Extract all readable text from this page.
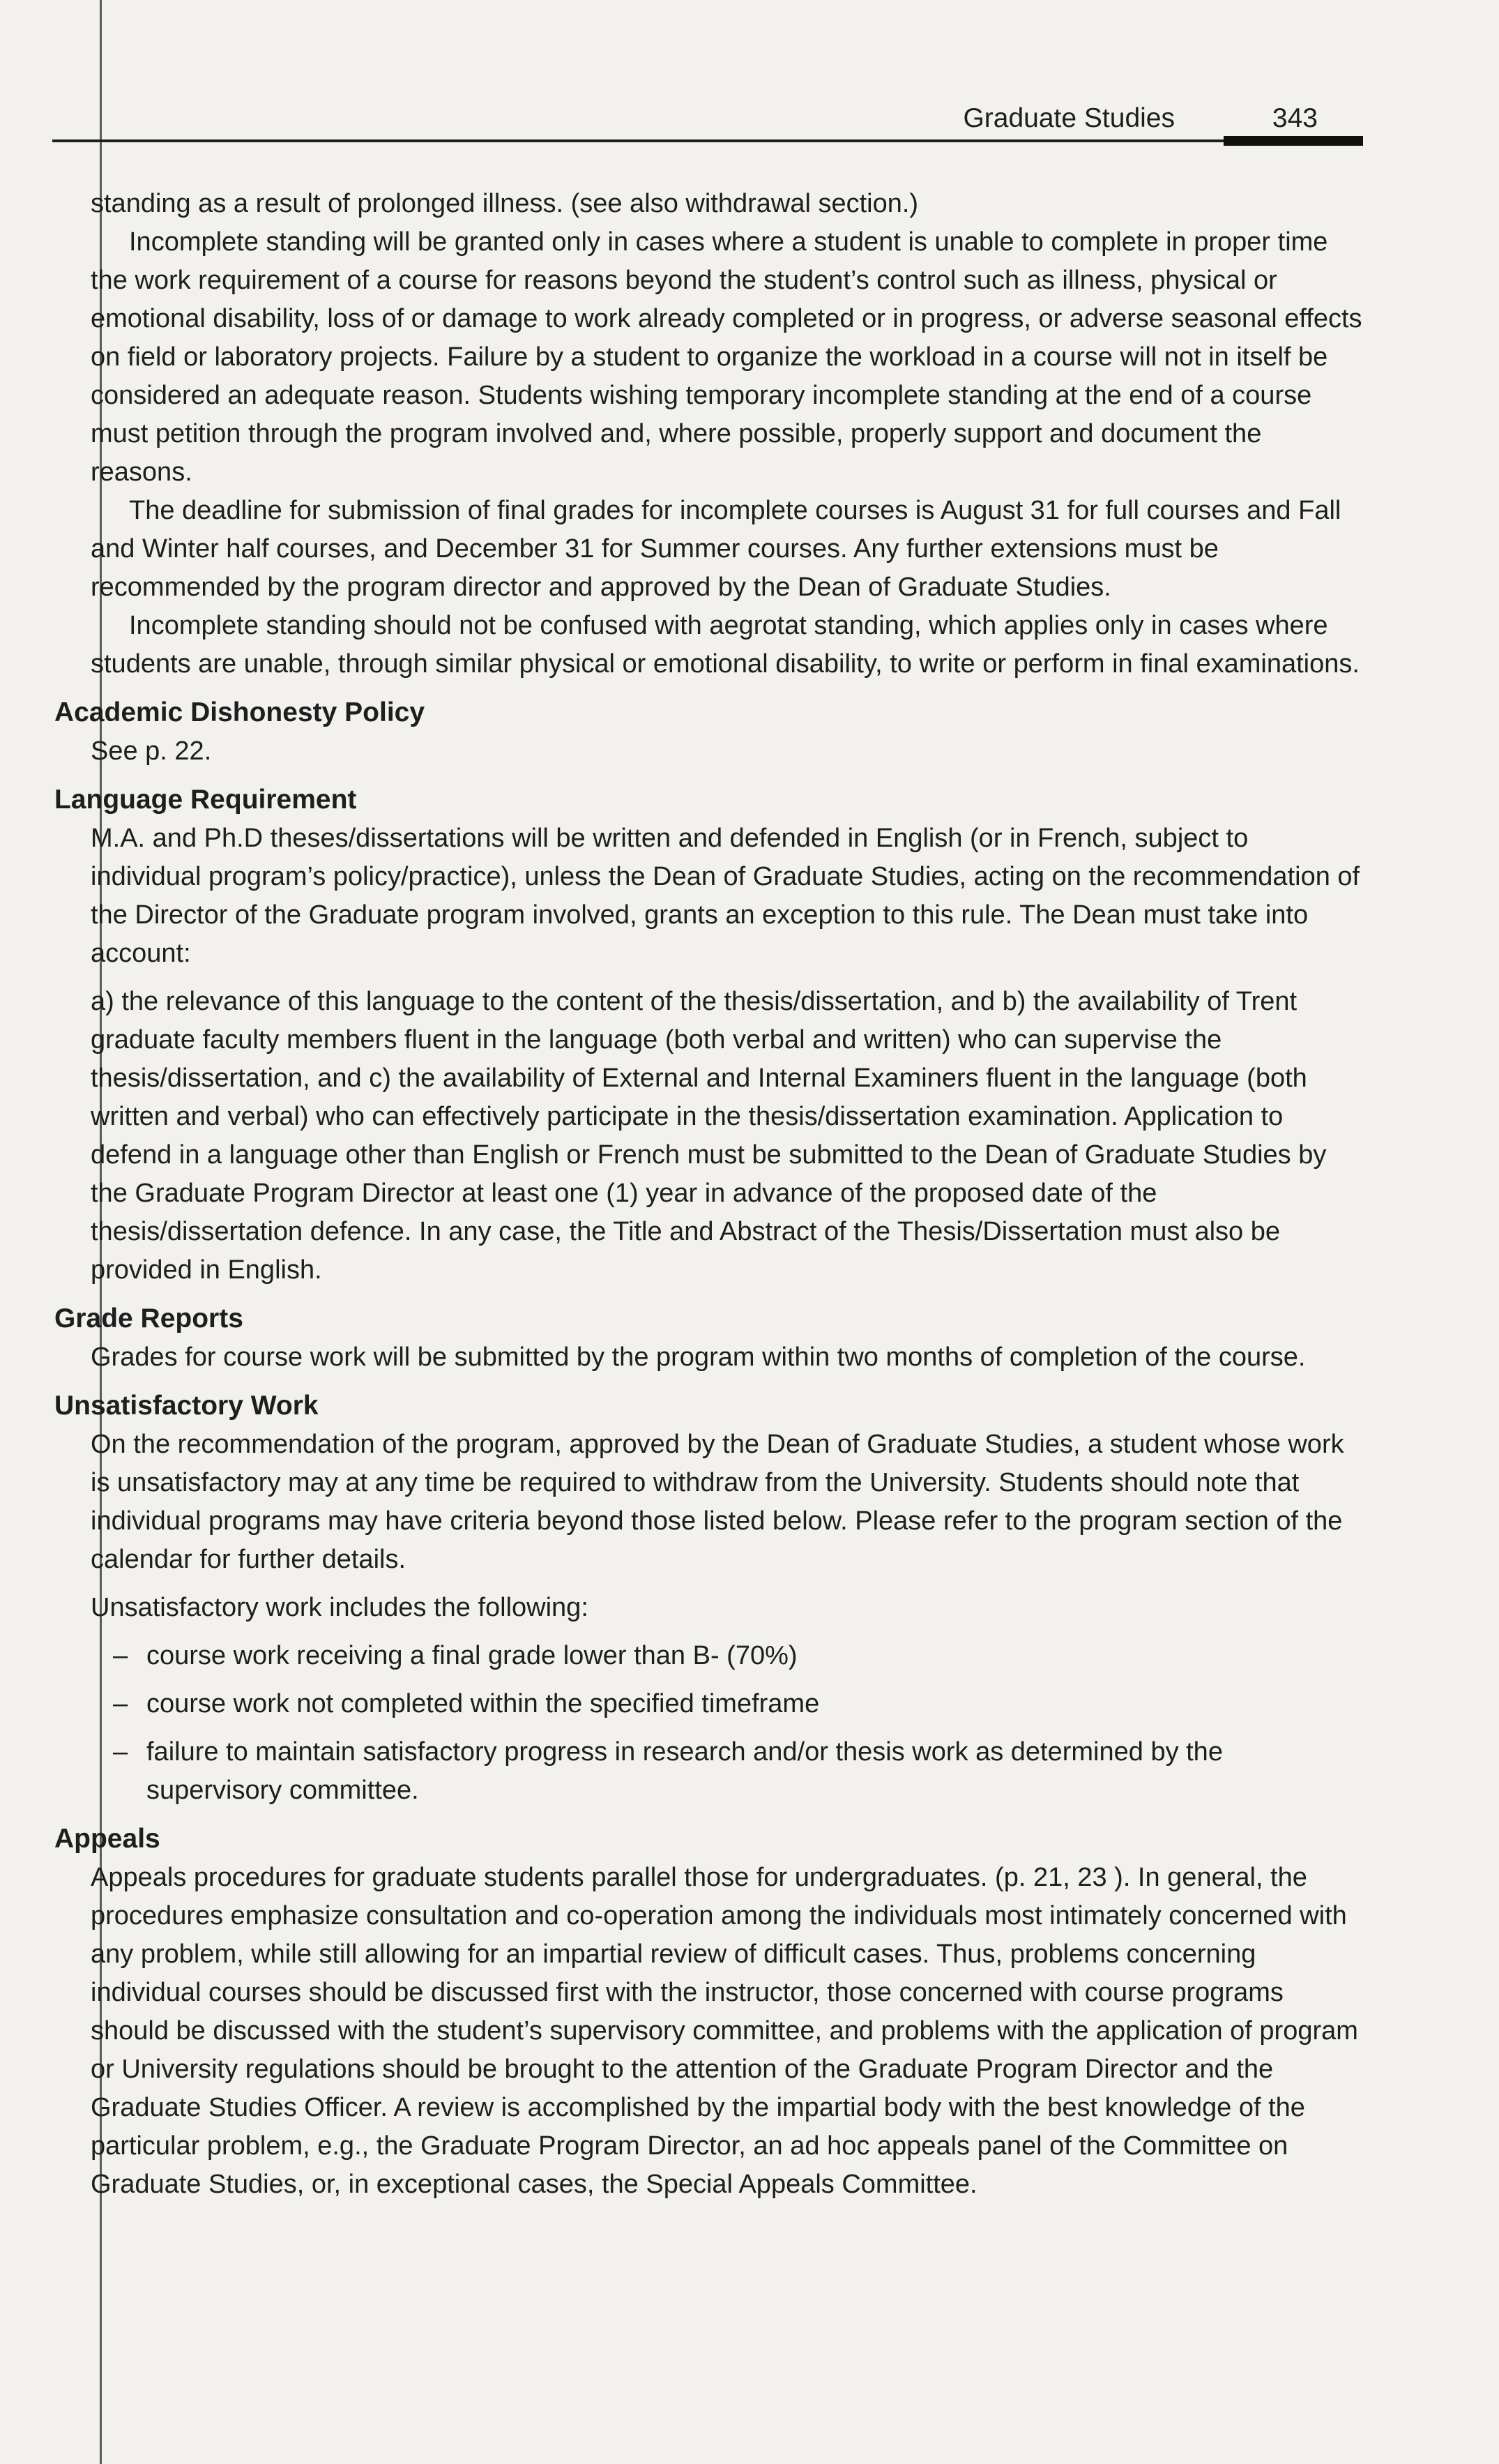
Graduate Studies	343

standing as a result of prolonged illness. (see also withdrawal section.)

Incomplete standing will be granted only in cases where a student is unable to complete in proper time the work requirement of a course for reasons beyond the student’s control such as illness, physical or emotional disability, loss of or damage to work already completed or in progress, or adverse seasonal effects on field or laboratory projects. Failure by a student to organize the workload in a course will not in itself be considered an adequate reason. Students wishing temporary incomplete standing at the end of a course must petition through the program involved and, where possible, properly support and document the reasons.

The deadline for submission of final grades for incomplete courses is August 31 for full courses and Fall and Winter half courses, and December 31 for Summer courses. Any further extensions must be recommended by the program director and approved by the Dean of Graduate Studies.

Incomplete standing should not be confused with aegrotat standing, which applies only in cases where students are unable, through similar physical or emotional disability, to write or perform in final examinations.

Academic Dishonesty Policy

See p. 22.

Language Requirement

M.A. and Ph.D theses/dissertations will be written and defended in English (or in French, subject to individual program’s policy/practice), unless the Dean of Graduate Studies, acting on the recommendation of the Director of the Graduate program involved, grants an exception to this rule. The Dean must take into account:

a) the relevance of this language to the content of the thesis/dissertation, and b) the availability of Trent graduate faculty members fluent in the language (both verbal and written) who can supervise the thesis/dissertation, and c) the availability of External and Internal Examiners fluent in the language (both written and verbal) who can effectively participate in the thesis/dissertation examination. Application to defend in a language other than English or French must be submitted to the Dean of Graduate Studies by the Graduate Program Director at least one (1) year in advance of the proposed date of the thesis/dissertation defence. In any case, the Title and Abstract of the Thesis/Dissertation must also be provided in English.

Grade Reports

Grades for course work will be submitted by the program within two months of completion of the course.

Unsatisfactory Work

On the recommendation of the program, approved by the Dean of Graduate Studies, a student whose work is unsatisfactory may at any time be required to withdraw from the University. Students should note that individual programs may have criteria beyond those listed below. Please refer to the program section of the calendar for further details.

Unsatisfactory work includes the following:

– course work receiving a final grade lower than B- (70%)
– course work not completed within the specified timeframe
– failure to maintain satisfactory progress in research and/or thesis work as determined by the supervisory committee.
Appeals

Appeals procedures for graduate students parallel those for undergraduates. (p. 21, 23 ). In general, the procedures emphasize consultation and co-operation among the individuals most intimately concerned with any problem, while still allowing for an impartial review of difficult cases. Thus, problems concerning individual courses should be discussed first with the instructor, those concerned with course programs should be discussed with the student’s supervisory committee, and problems with the application of program or University regulations should be brought to the attention of the Graduate Program Director and the Graduate Studies Officer. A review is accomplished by the impartial body with the best knowledge of the particular problem, e.g., the Graduate Program Director, an ad hoc appeals panel of the Committee on Graduate Studies, or, in exceptional cases, the Special Appeals Committee.
